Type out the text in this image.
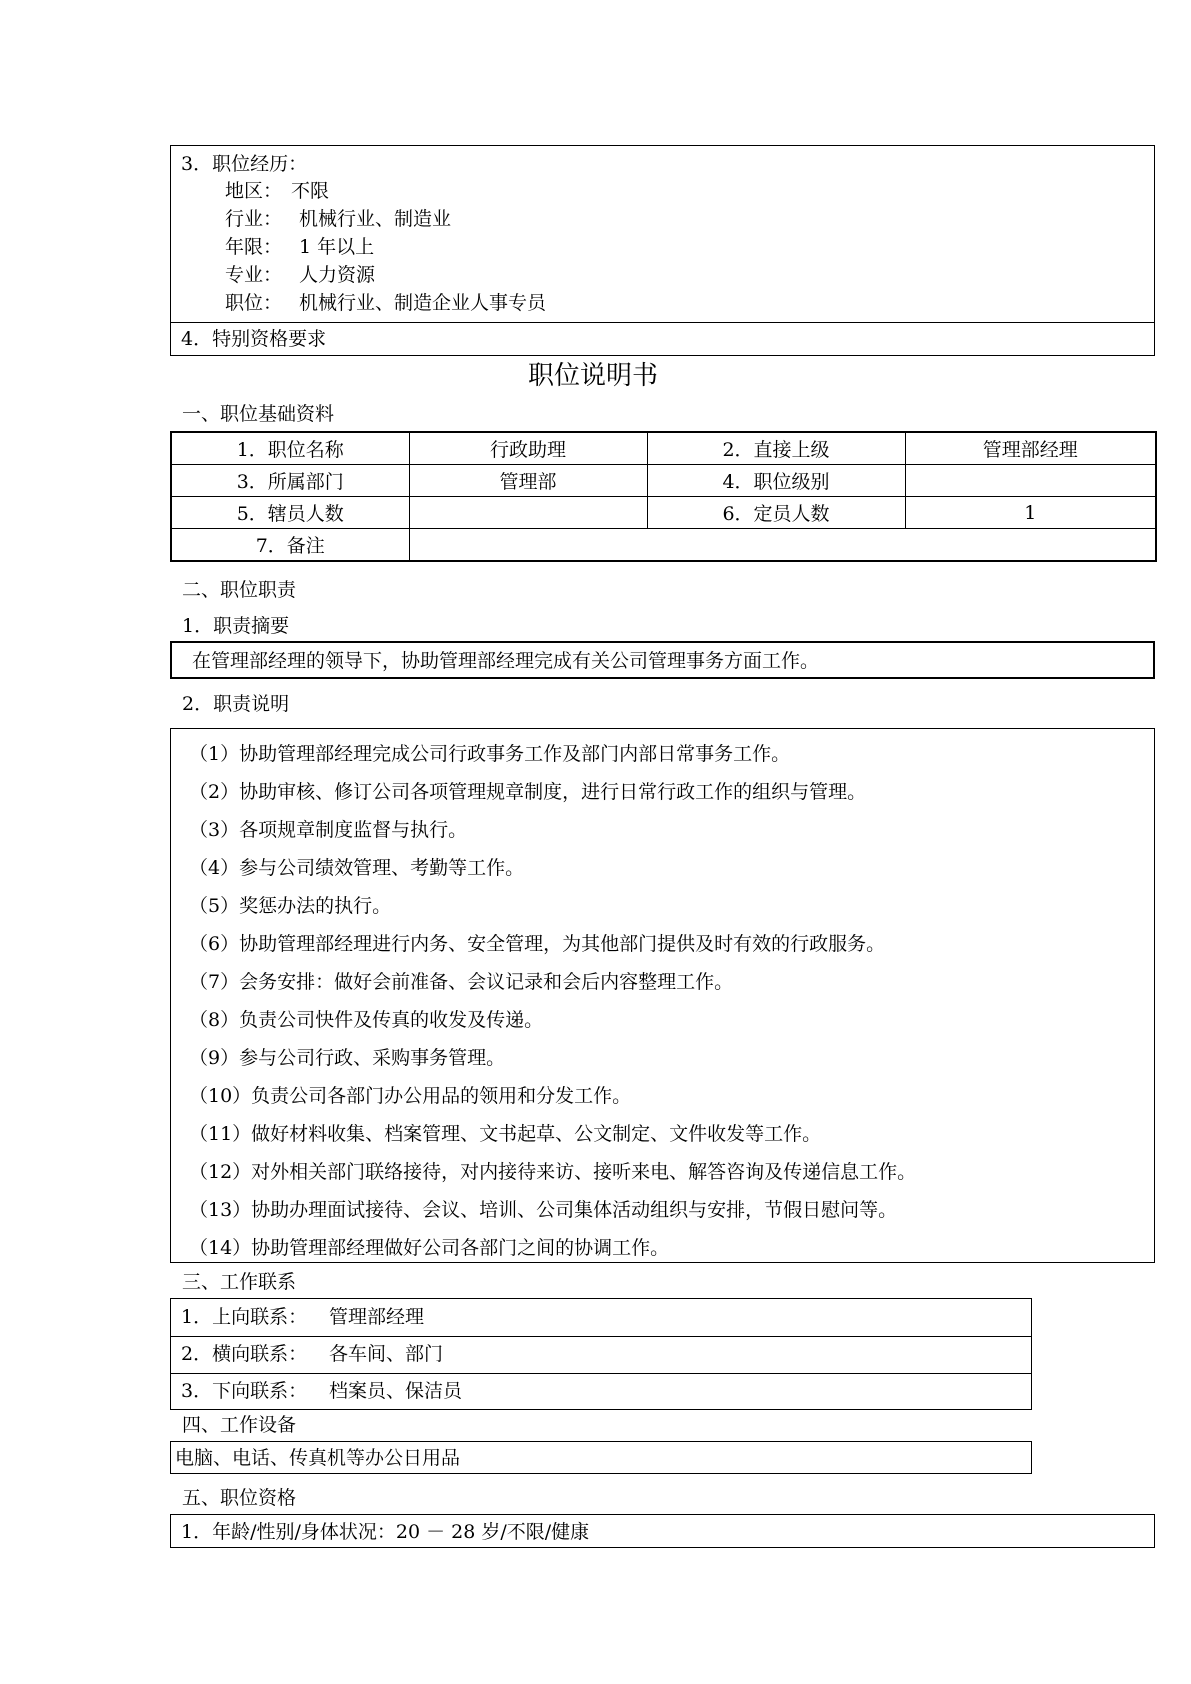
3．职位经历：
地区： 不限
行业： 机械行业、制造业
年限： 1 年以上
专业： 人力资源
职位： 机械行业、制造企业人事专员
4．特别资格要求
职位说明书
一、职位基础资料
1．职位名称	行政助理	2．直接上级	管理部经理
3．所属部门	管理部	4．职位级别	
5．辖员人数		6．定员人数	1
7．备注			
二、职位职责
1．职责摘要
在管理部经理的领导下，协助管理部经理完成有关公司管理事务方面工作。
2．职责说明
（1）协助管理部经理完成公司行政事务工作及部门内部日常事务工作。
（2）协助审核、修订公司各项管理规章制度，进行日常行政工作的组织与管理。
（3）各项规章制度监督与执行。
（4）参与公司绩效管理、考勤等工作。
（5）奖惩办法的执行。
（6）协助管理部经理进行内务、安全管理，为其他部门提供及时有效的行政服务。
（7）会务安排：做好会前准备、会议记录和会后内容整理工作。
（8）负责公司快件及传真的收发及传递。
（9）参与公司行政、采购事务管理。
（10）负责公司各部门办公用品的领用和分发工作。
（11）做好材料收集、档案管理、文书起草、公文制定、文件收发等工作。
（12）对外相关部门联络接待，对内接待来访、接听来电、解答咨询及传递信息工作。
（13）协助办理面试接待、会议、培训、公司集体活动组织与安排，节假日慰问等。
（14）协助管理部经理做好公司各部门之间的协调工作。
三、工作联系
1．上向联系： 管理部经理
2．横向联系： 各车间、部门
3．下向联系： 档案员、保洁员
四、工作设备
电脑、电话、传真机等办公日用品
五、职位资格
1．年龄/性别/身体状况：20 － 28 岁/不限/健康
